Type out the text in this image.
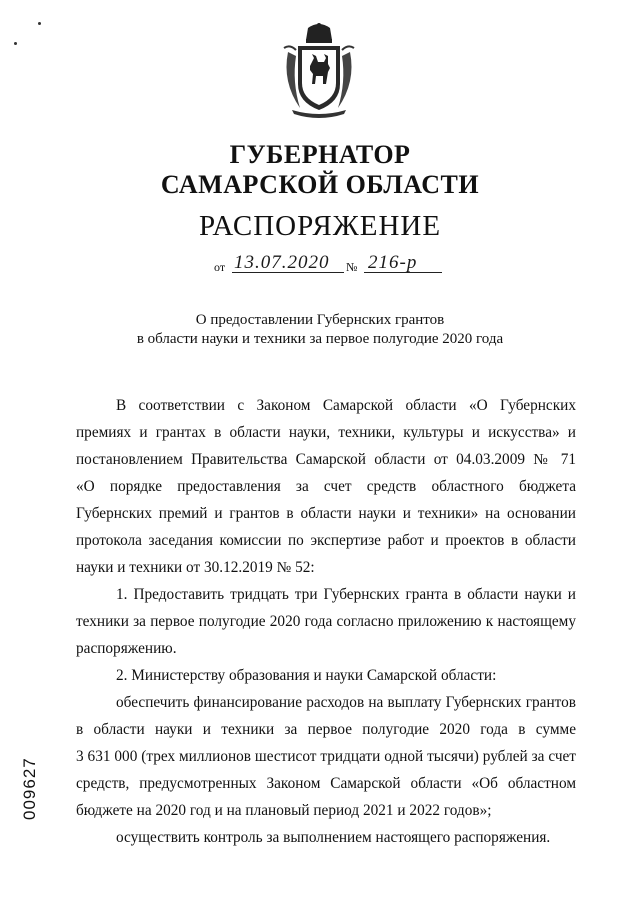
ГУБЕРНАТОР
САМАРСКОЙ ОБЛАСТИ
РАСПОРЯЖЕНИЕ
от 13.07.2020 № 216-р
О предоставлении Губернских грантов
в области науки и техники за первое полугодие 2020 года
В соответствии с Законом Самарской области «О Губернских
премиях и грантах в области науки, техники, культуры и искусства» и
постановлением Правительства Самарской области от 04.03.2009 № 71
«О порядке предоставления за счет средств областного бюджета
Губернских премий и грантов в области науки и техники» на основании
протокола заседания комиссии по экспертизе работ и проектов в области
науки и техники от 30.12.2019 № 52:
1. Предоставить тридцать три Губернских гранта в области науки и
техники за первое полугодие 2020 года согласно приложению к настоящему
распоряжению.
2. Министерству образования и науки Самарской области:
обеспечить финансирование расходов на выплату Губернских грантов
в области науки и техники за первое полугодие 2020 года в сумме
3 631 000 (трех миллионов шестисот тридцати одной тысячи) рублей за счет
средств, предусмотренных Законом Самарской области «Об областном
бюджете на 2020 год и на плановый период 2021 и 2022 годов»;
осуществить контроль за выполнением настоящего распоряжения.
009627
